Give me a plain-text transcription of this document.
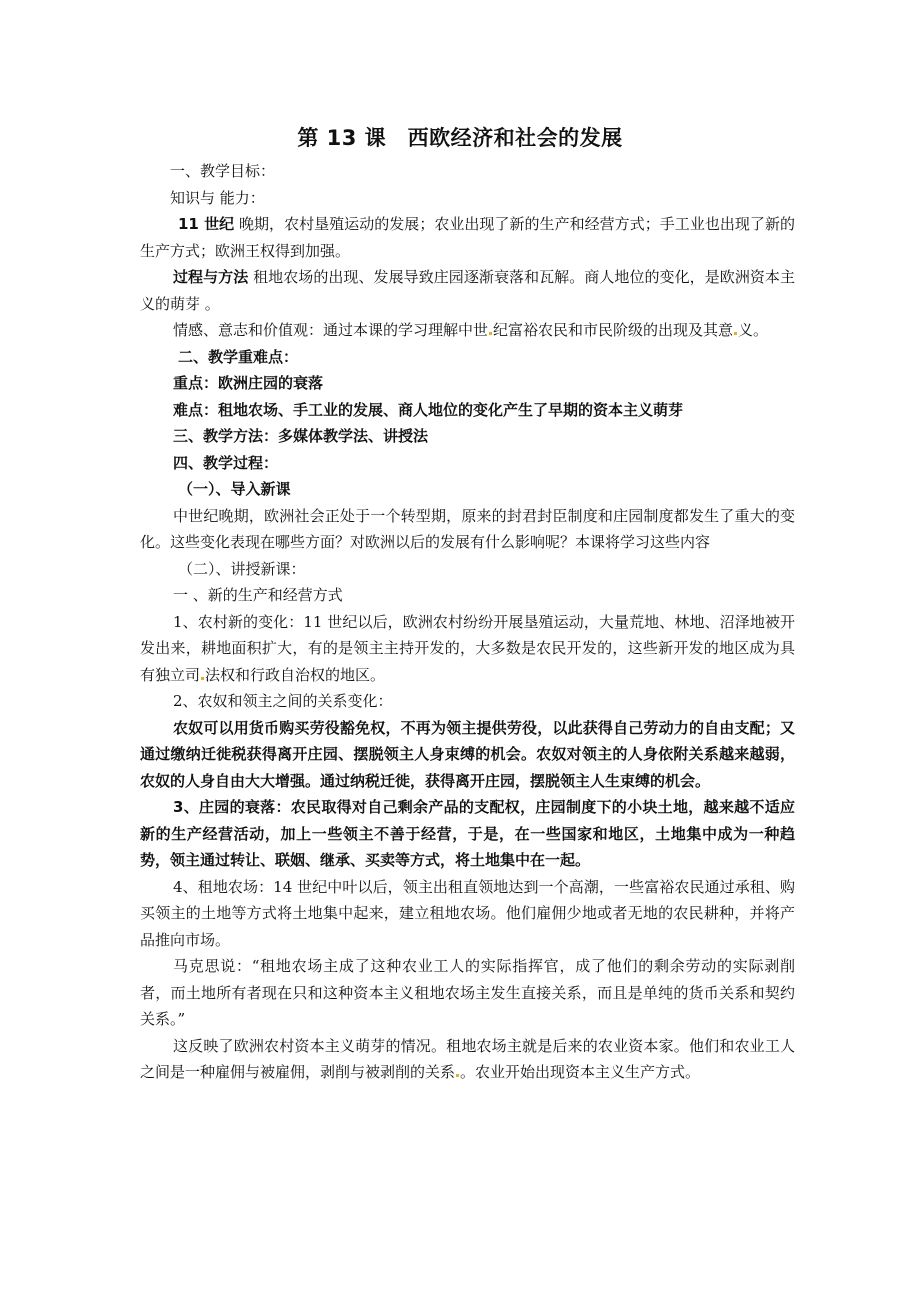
第 13 课　西欧经济和社会的发展

一、教学目标：

知识与 能力：

11 世纪 晚期，农村垦殖运动的发展；农业出现了新的生产和经营方式；手工业也出现了新的生产方式；欧洲王权得到加强。

过程与方法 租地农场的出现、发展导致庄园逐渐衰落和瓦解。商人地位的变化，是欧洲资本主义的萌芽 。

情感、意志和价值观：通过本课的学习理解中世 纪富裕农民和市民阶级的出现及其意 义。

二、教学重难点：

重点：欧洲庄园的衰落

难点：租地农场、手工业的发展、商人地位的变化产生了早期的资本主义萌芽

三、教学方法：多媒体教学法、讲授法

四、教学过程：

（一）、导入新课

中世纪晚期，欧洲社会正处于一个转型期，原来的封君封臣制度和庄园制度都发生了重大的变化。这些变化表现在哪些方面？对欧洲以后的发展有什么影响呢？本课将学习这些内容

（二）、讲授新课：

一 、新的生产和经营方式

1、农村新的变化：11 世纪以后，欧洲农村纷纷开展垦殖运动，大量荒地、林地、沼泽地被开发出来，耕地面积扩大，有的是领主主持开发的，大多数是农民开发的，这些新开发的地区成为具有独立司 法权和行政自治权的地区。

2、农奴和领主之间的关系变化：

农奴可以用货币购买劳役豁免权，不再为领主提供劳役，以此获得自己劳动力的自由支配；又通过缴纳迁徙税获得离开庄园、摆脱领主人身束缚的机会。农奴对领主的人身依附关系越来越弱，农奴的人身自由大大增强。通过纳税迁徙，获得离开庄园，摆脱领主人生束缚的机会。

3、庄园的衰落：农民取得对自己剩余产品的支配权，庄园制度下的小块土地，越来越不适应新的生产经营活动，加上一些领主不善于经营，于是，在一些国家和地区，土地集中成为一种趋势，领主通过转让、联姻、继承、买卖等方式，将土地集中在一起。

4、租地农场：14 世纪中叶以后，领主出租直领地达到一个高潮，一些富裕农民通过承租、购买领主的土地等方式将土地集中起来，建立租地农场。他们雇佣少地或者无地的农民耕种，并将产品推向市场。

马克思说：“租地农场主成了这种农业工人的实际指挥官，成了他们的剩余劳动的实际剥削者，而土地所有者现在只和这种资本主义租地农场主发生直接关系，而且是单纯的货币关系和契约关系。”

这反映了欧洲农村资本主义萌芽的情况。租地农场主就是后来的农业资本家。他们和农业工人之间是一种雇佣与被雇佣，剥削与被剥削的关系 。农业开始出现资本主义生产方式。
